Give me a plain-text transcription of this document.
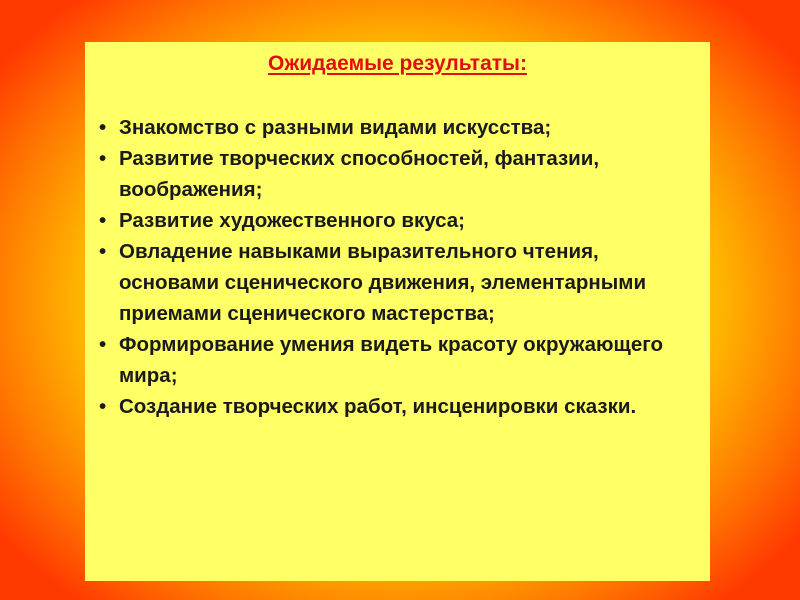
Ожидаемые результаты:
• Знакомство с разными видами искусства;
• Развитие творческих способностей, фантазии, воображения;
• Развитие художественного вкуса;
• Овладение навыками выразительного чтения, основами сценического движения, элементарными приемами сценического мастерства;
• Формирование умения видеть красоту окружающего мира;
• Создание творческих работ, инсценировки сказки.
